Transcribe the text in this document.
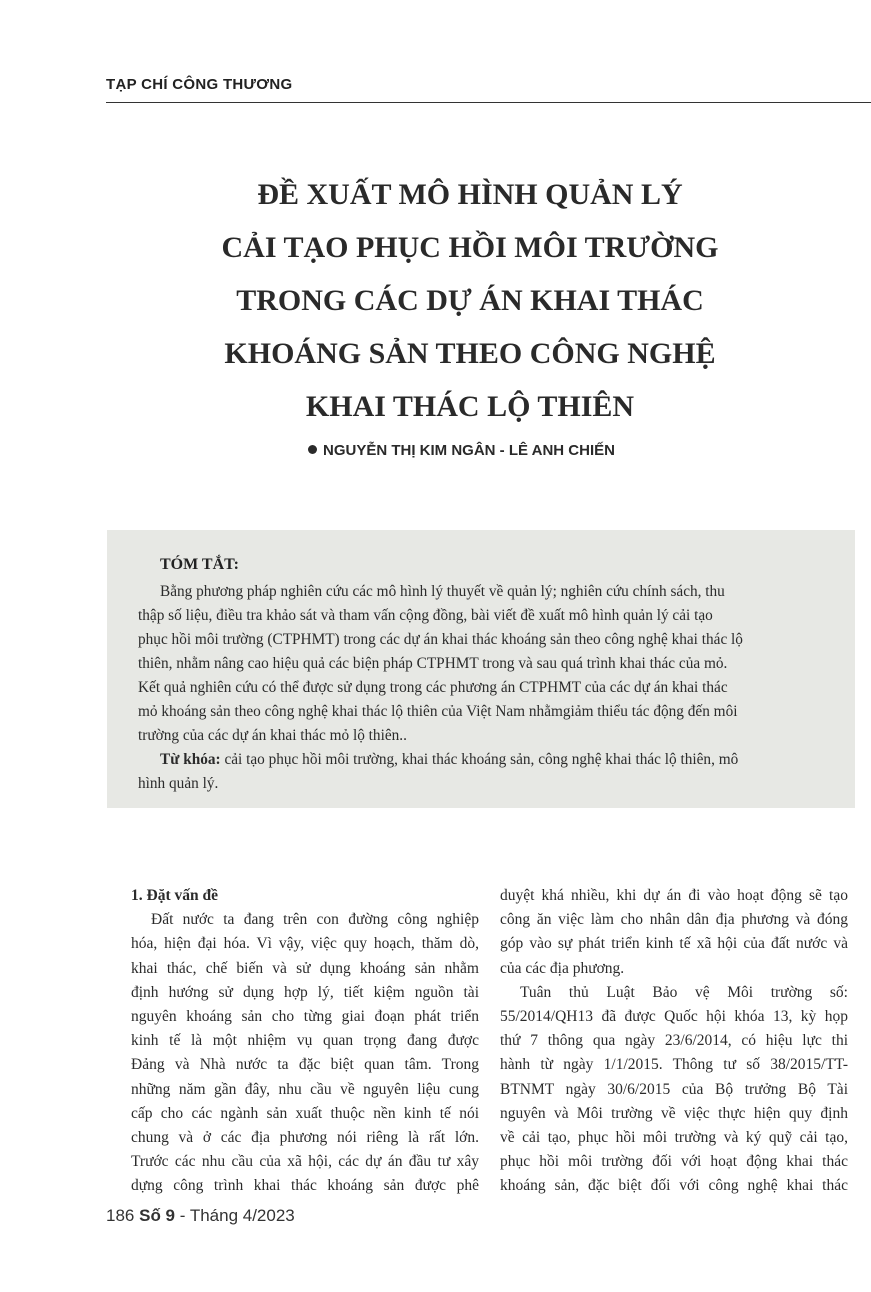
TẠP CHÍ CÔNG THƯƠNG
ĐỀ XUẤT MÔ HÌNH QUẢN LÝ
CẢI TẠO PHỤC HỒI MÔI TRƯỜNG
TRONG CÁC DỰ ÁN KHAI THÁC
KHOÁNG SẢN THEO CÔNG NGHỆ
KHAI THÁC LỘ THIÊN
NGUYỄN THỊ KIM NGÂN - LÊ ANH CHIẾN
TÓM TẮT:
Bằng phương pháp nghiên cứu các mô hình lý thuyết về quản lý; nghiên cứu chính sách, thu
thập số liệu, điều tra khảo sát và tham vấn cộng đồng, bài viết đề xuất mô hình quản lý cải tạo
phục hồi môi trường (CTPHMT) trong các dự án khai thác khoáng sản theo công nghệ khai thác lộ
thiên, nhằm nâng cao hiệu quả các biện pháp CTPHMT trong và sau quá trình khai thác của mỏ.
Kết quả nghiên cứu có thể được sử dụng trong các phương án CTPHMT của các dự án khai thác
mỏ khoáng sản theo công nghệ khai thác lộ thiên của Việt Nam nhằmgiảm thiểu tác động đến môi
trường của các dự án khai thác mỏ lộ thiên..
Từ khóa: cải tạo phục hồi môi trường, khai thác khoáng sản, công nghệ khai thác lộ thiên, mô
hình quản lý.
1. Đặt vấn đề
Đất nước ta đang trên con đường công nghiệp
hóa, hiện đại hóa. Vì vậy, việc quy hoạch, thăm dò,
khai thác, chế biến và sử dụng khoáng sản nhằm
định hướng sử dụng hợp lý, tiết kiệm nguồn tài
nguyên khoáng sản cho từng giai đoạn phát triển
kinh tế là một nhiệm vụ quan trọng đang được
Đảng và Nhà nước ta đặc biệt quan tâm. Trong
những năm gần đây, nhu cầu về nguyên liệu cung
cấp cho các ngành sản xuất thuộc nền kinh tế nói
chung và ở các địa phương nói riêng là rất lớn.
Trước các nhu cầu của xã hội, các dự án đầu tư xây
dựng công trình khai thác khoáng sản được phê
duyệt khá nhiều, khi dự án đi vào hoạt động sẽ tạo
công ăn việc làm cho nhân dân địa phương và đóng
góp vào sự phát triển kinh tế xã hội của đất nước và
của các địa phương.
Tuân thủ Luật Bảo vệ Môi trường số:
55/2014/QH13 đã được Quốc hội khóa 13, kỳ họp
thứ 7 thông qua ngày 23/6/2014, có hiệu lực thi
hành từ ngày 1/1/2015. Thông tư số 38/2015/TT-
BTNMT ngày 30/6/2015 của Bộ trưởng Bộ Tài
nguyên và Môi trường về việc thực hiện quy định
về cải tạo, phục hồi môi trường và ký quỹ cải tạo,
phục hồi môi trường đối với hoạt động khai thác
khoáng sản, đặc biệt đối với công nghệ khai thác
186 Số 9 - Tháng 4/2023
